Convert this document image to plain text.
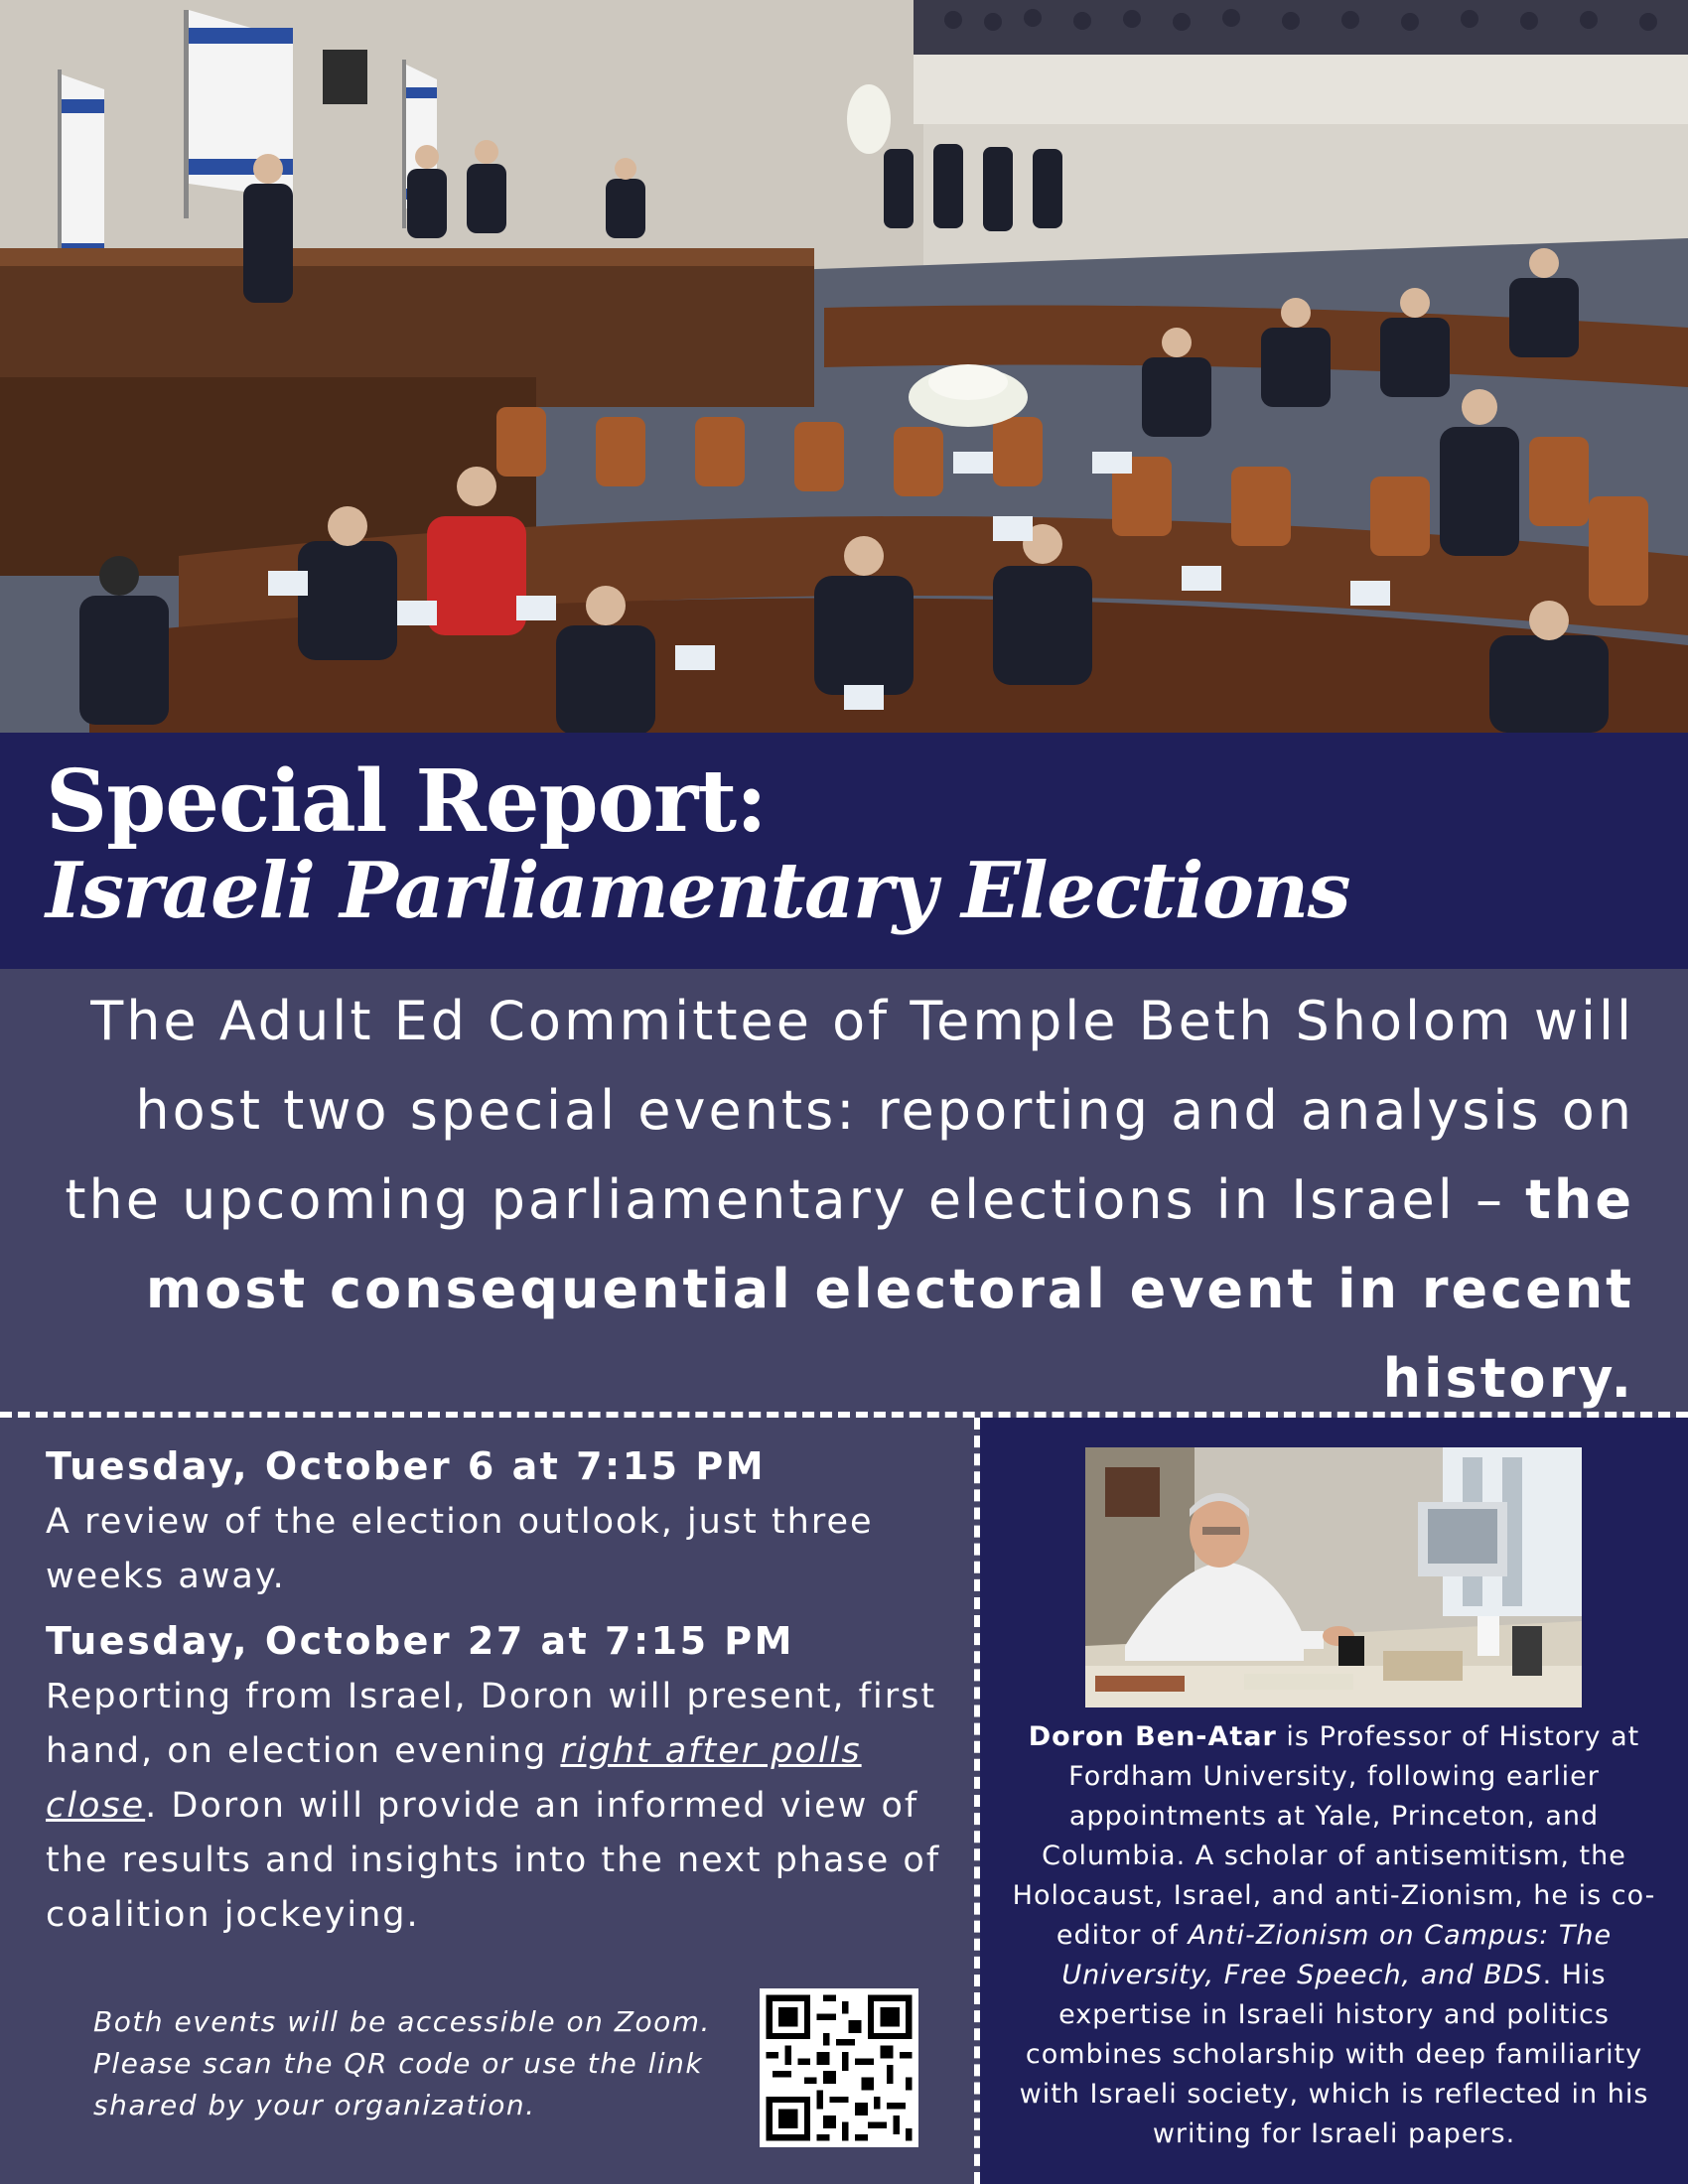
Special Report:
Israeli Parliamentary Elections

The Adult Ed Committee of Temple Beth Sholom will host two special events: reporting and analysis on the upcoming parliamentary elections in Israel – the most consequential electoral event in recent history.

Tuesday, October 6 at 7:15 PM

A review of the election outlook, just three weeks away.

Tuesday, October 27 at 7:15 PM

Reporting from Israel, Doron will present, first hand, on election evening right after polls close. Doron will provide an informed view of the results and insights into the next phase of coalition jockeying.

Both events will be accessible on Zoom. Please scan the QR code or use the link shared by your organization.

Doron Ben-Atar is Professor of History at Fordham University, following earlier appointments at Yale, Princeton, and Columbia. A scholar of antisemitism, the Holocaust, Israel, and anti-Zionism, he is co-editor of Anti-Zionism on Campus: The University, Free Speech, and BDS. His expertise in Israeli history and politics combines scholarship with deep familiarity with Israeli society, which is reflected in his writing for Israeli papers.
